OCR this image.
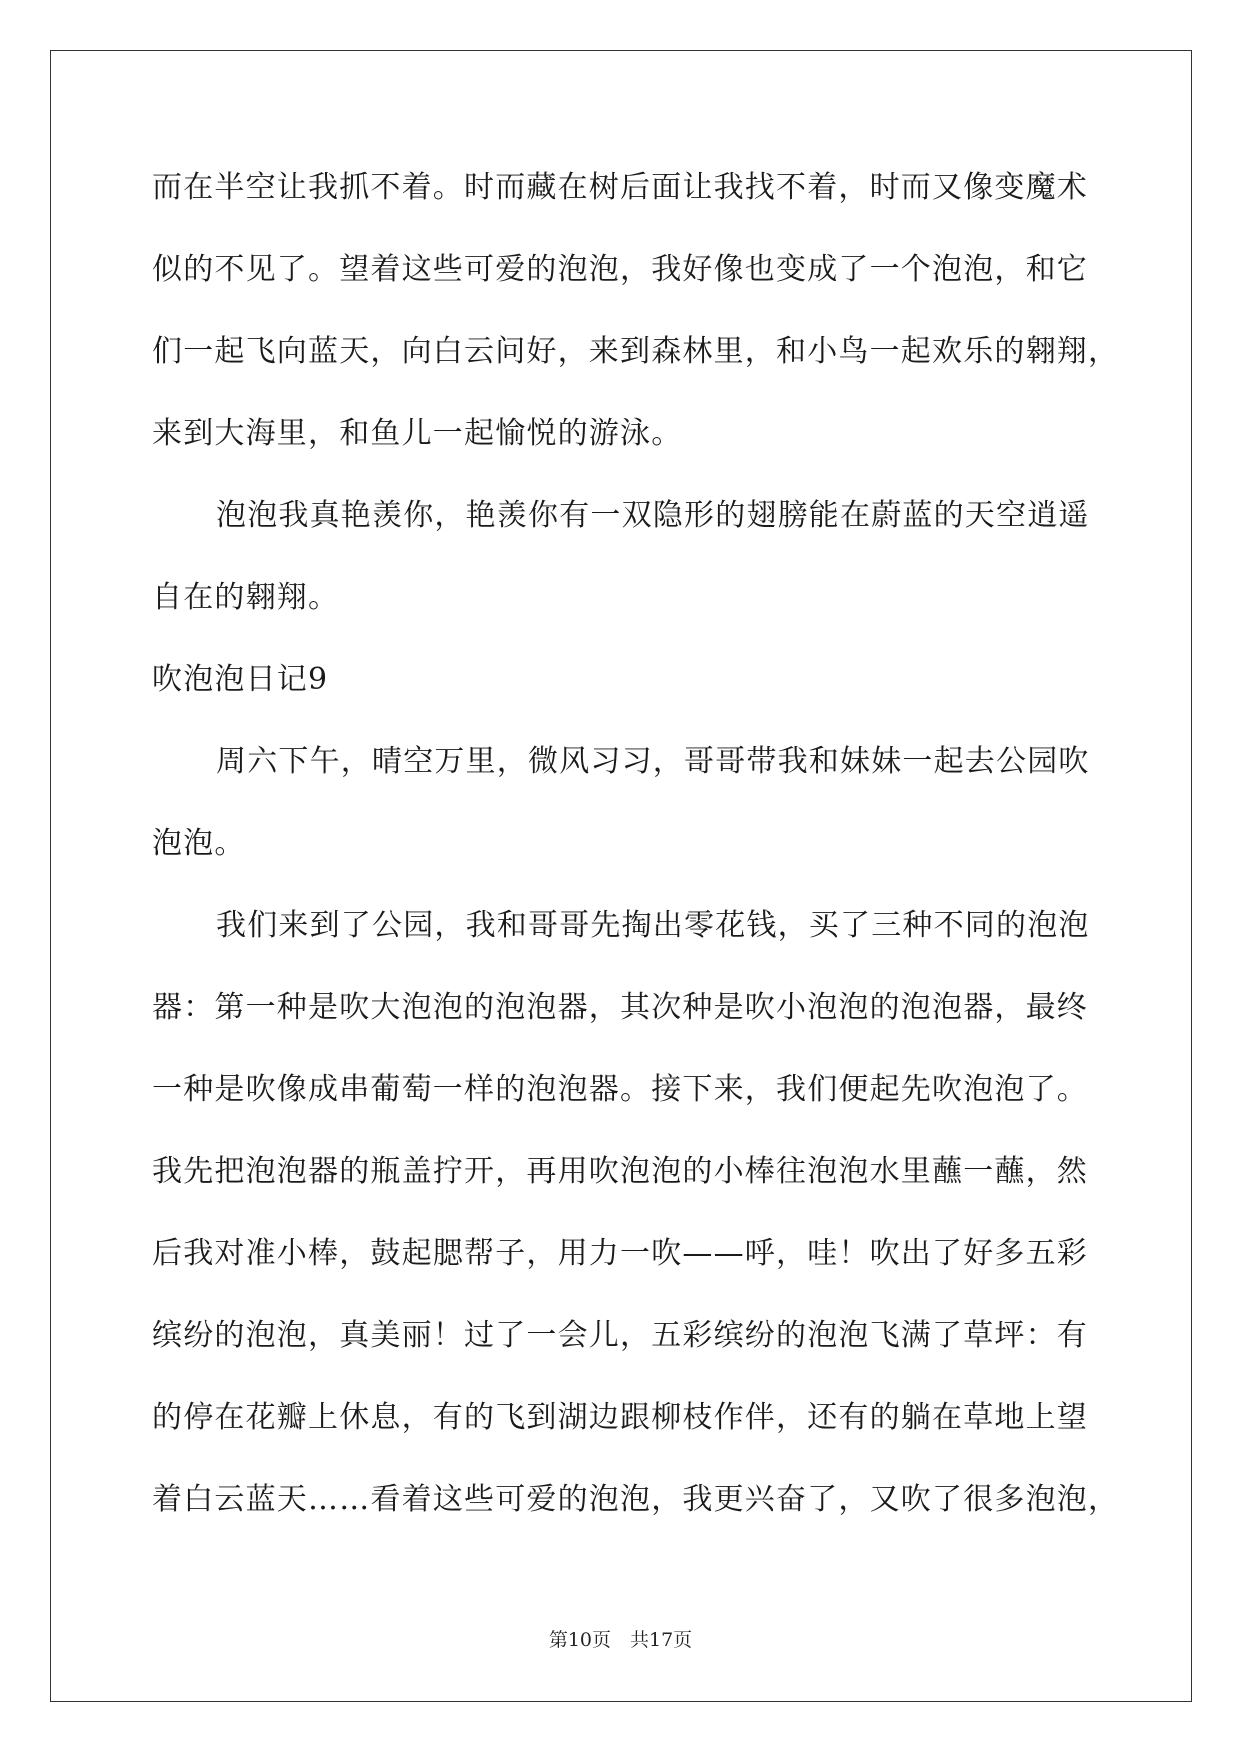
而在半空让我抓不着。时而藏在树后面让我找不着，时而又像变魔术
似的不见了。望着这些可爱的泡泡，我好像也变成了一个泡泡，和它
们一起飞向蓝天，向白云问好，来到森林里，和小鸟一起欢乐的翱翔，
来到大海里，和鱼儿一起愉悦的游泳。
泡泡我真艳羡你，艳羡你有一双隐形的翅膀能在蔚蓝的天空逍遥
自在的翱翔。
吹泡泡日记9
周六下午，晴空万里，微风习习，哥哥带我和妹妹一起去公园吹
泡泡。
我们来到了公园，我和哥哥先掏出零花钱，买了三种不同的泡泡
器：第一种是吹大泡泡的泡泡器，其次种是吹小泡泡的泡泡器，最终
一种是吹像成串葡萄一样的泡泡器。接下来，我们便起先吹泡泡了。
我先把泡泡器的瓶盖拧开，再用吹泡泡的小棒往泡泡水里蘸一蘸，然
后我对准小棒，鼓起腮帮子，用力一吹——呼，哇！吹出了好多五彩
缤纷的泡泡，真美丽！过了一会儿，五彩缤纷的泡泡飞满了草坪：有
的停在花瓣上休息，有的飞到湖边跟柳枝作伴，还有的躺在草地上望
着白云蓝天……看着这些可爱的泡泡，我更兴奋了，又吹了很多泡泡，
第10页　共17页
